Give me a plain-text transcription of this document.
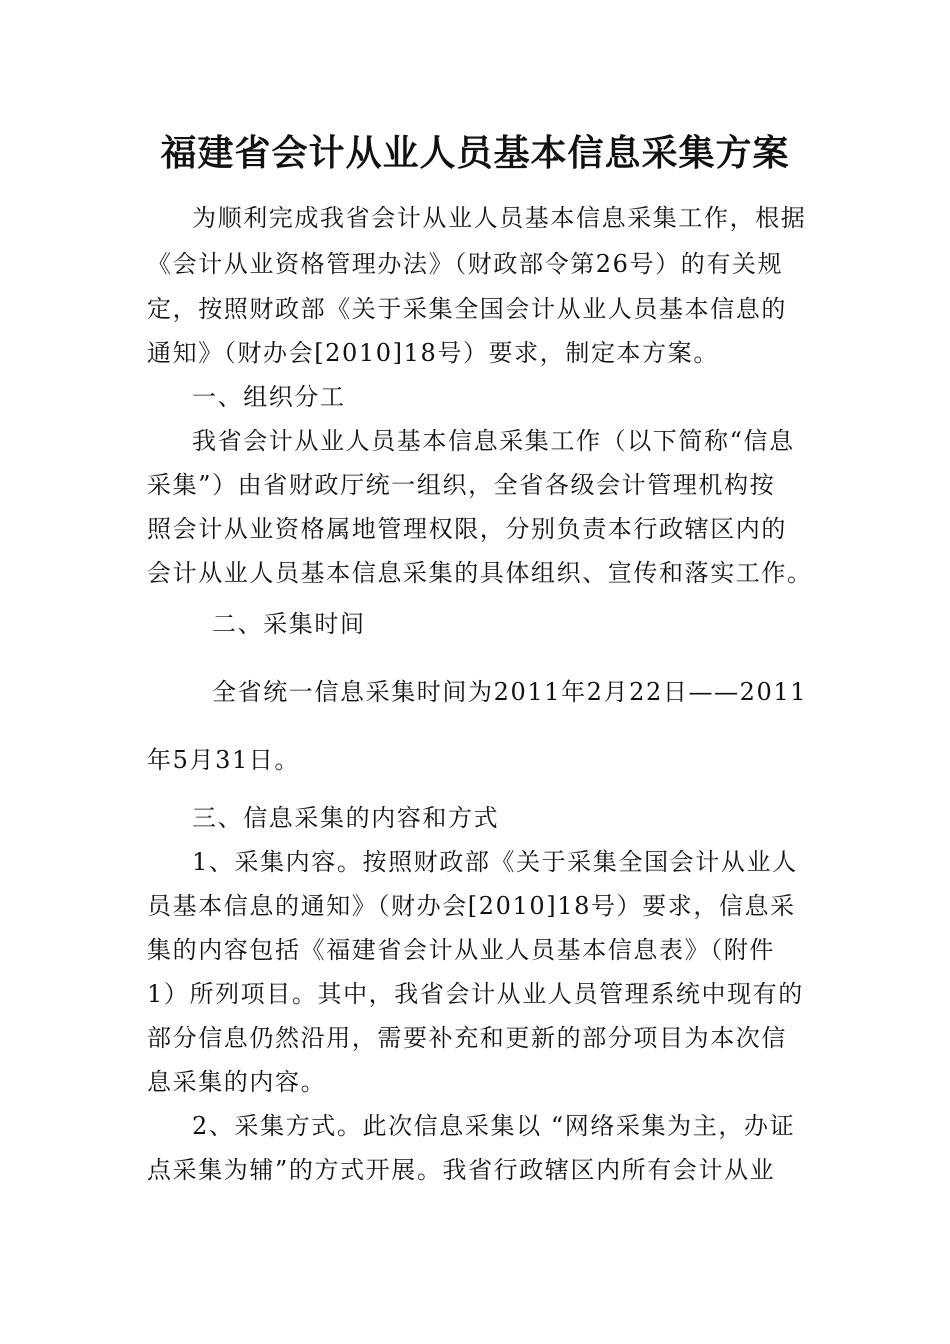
福建省会计从业人员基本信息采集方案
为顺利完成我省会计从业人员基本信息采集工作，根据
《会计从业资格管理办法》（财政部令第26号）的有关规
定，按照财政部《关于采集全国会计从业人员基本信息的
通知》（财办会[2010]18号）要求，制定本方案。
一、组织分工
我省会计从业人员基本信息采集工作（以下简称“信息
采集”）由省财政厅统一组织，全省各级会计管理机构按
照会计从业资格属地管理权限，分别负责本行政辖区内的
会计从业人员基本信息采集的具体组织、宣传和落实工作。
二、采集时间
全省统一信息采集时间为2011年2月22日——2011
年5月31日。
三、信息采集的内容和方式
1、采集内容。按照财政部《关于采集全国会计从业人
员基本信息的通知》（财办会[2010]18号）要求，信息采
集的内容包括《福建省会计从业人员基本信息表》（附件
1）所列项目。其中，我省会计从业人员管理系统中现有的
部分信息仍然沿用，需要补充和更新的部分项目为本次信
息采集的内容。
2、采集方式。此次信息采集以 “网络采集为主，办证
点采集为辅”的方式开展。我省行政辖区内所有会计从业
